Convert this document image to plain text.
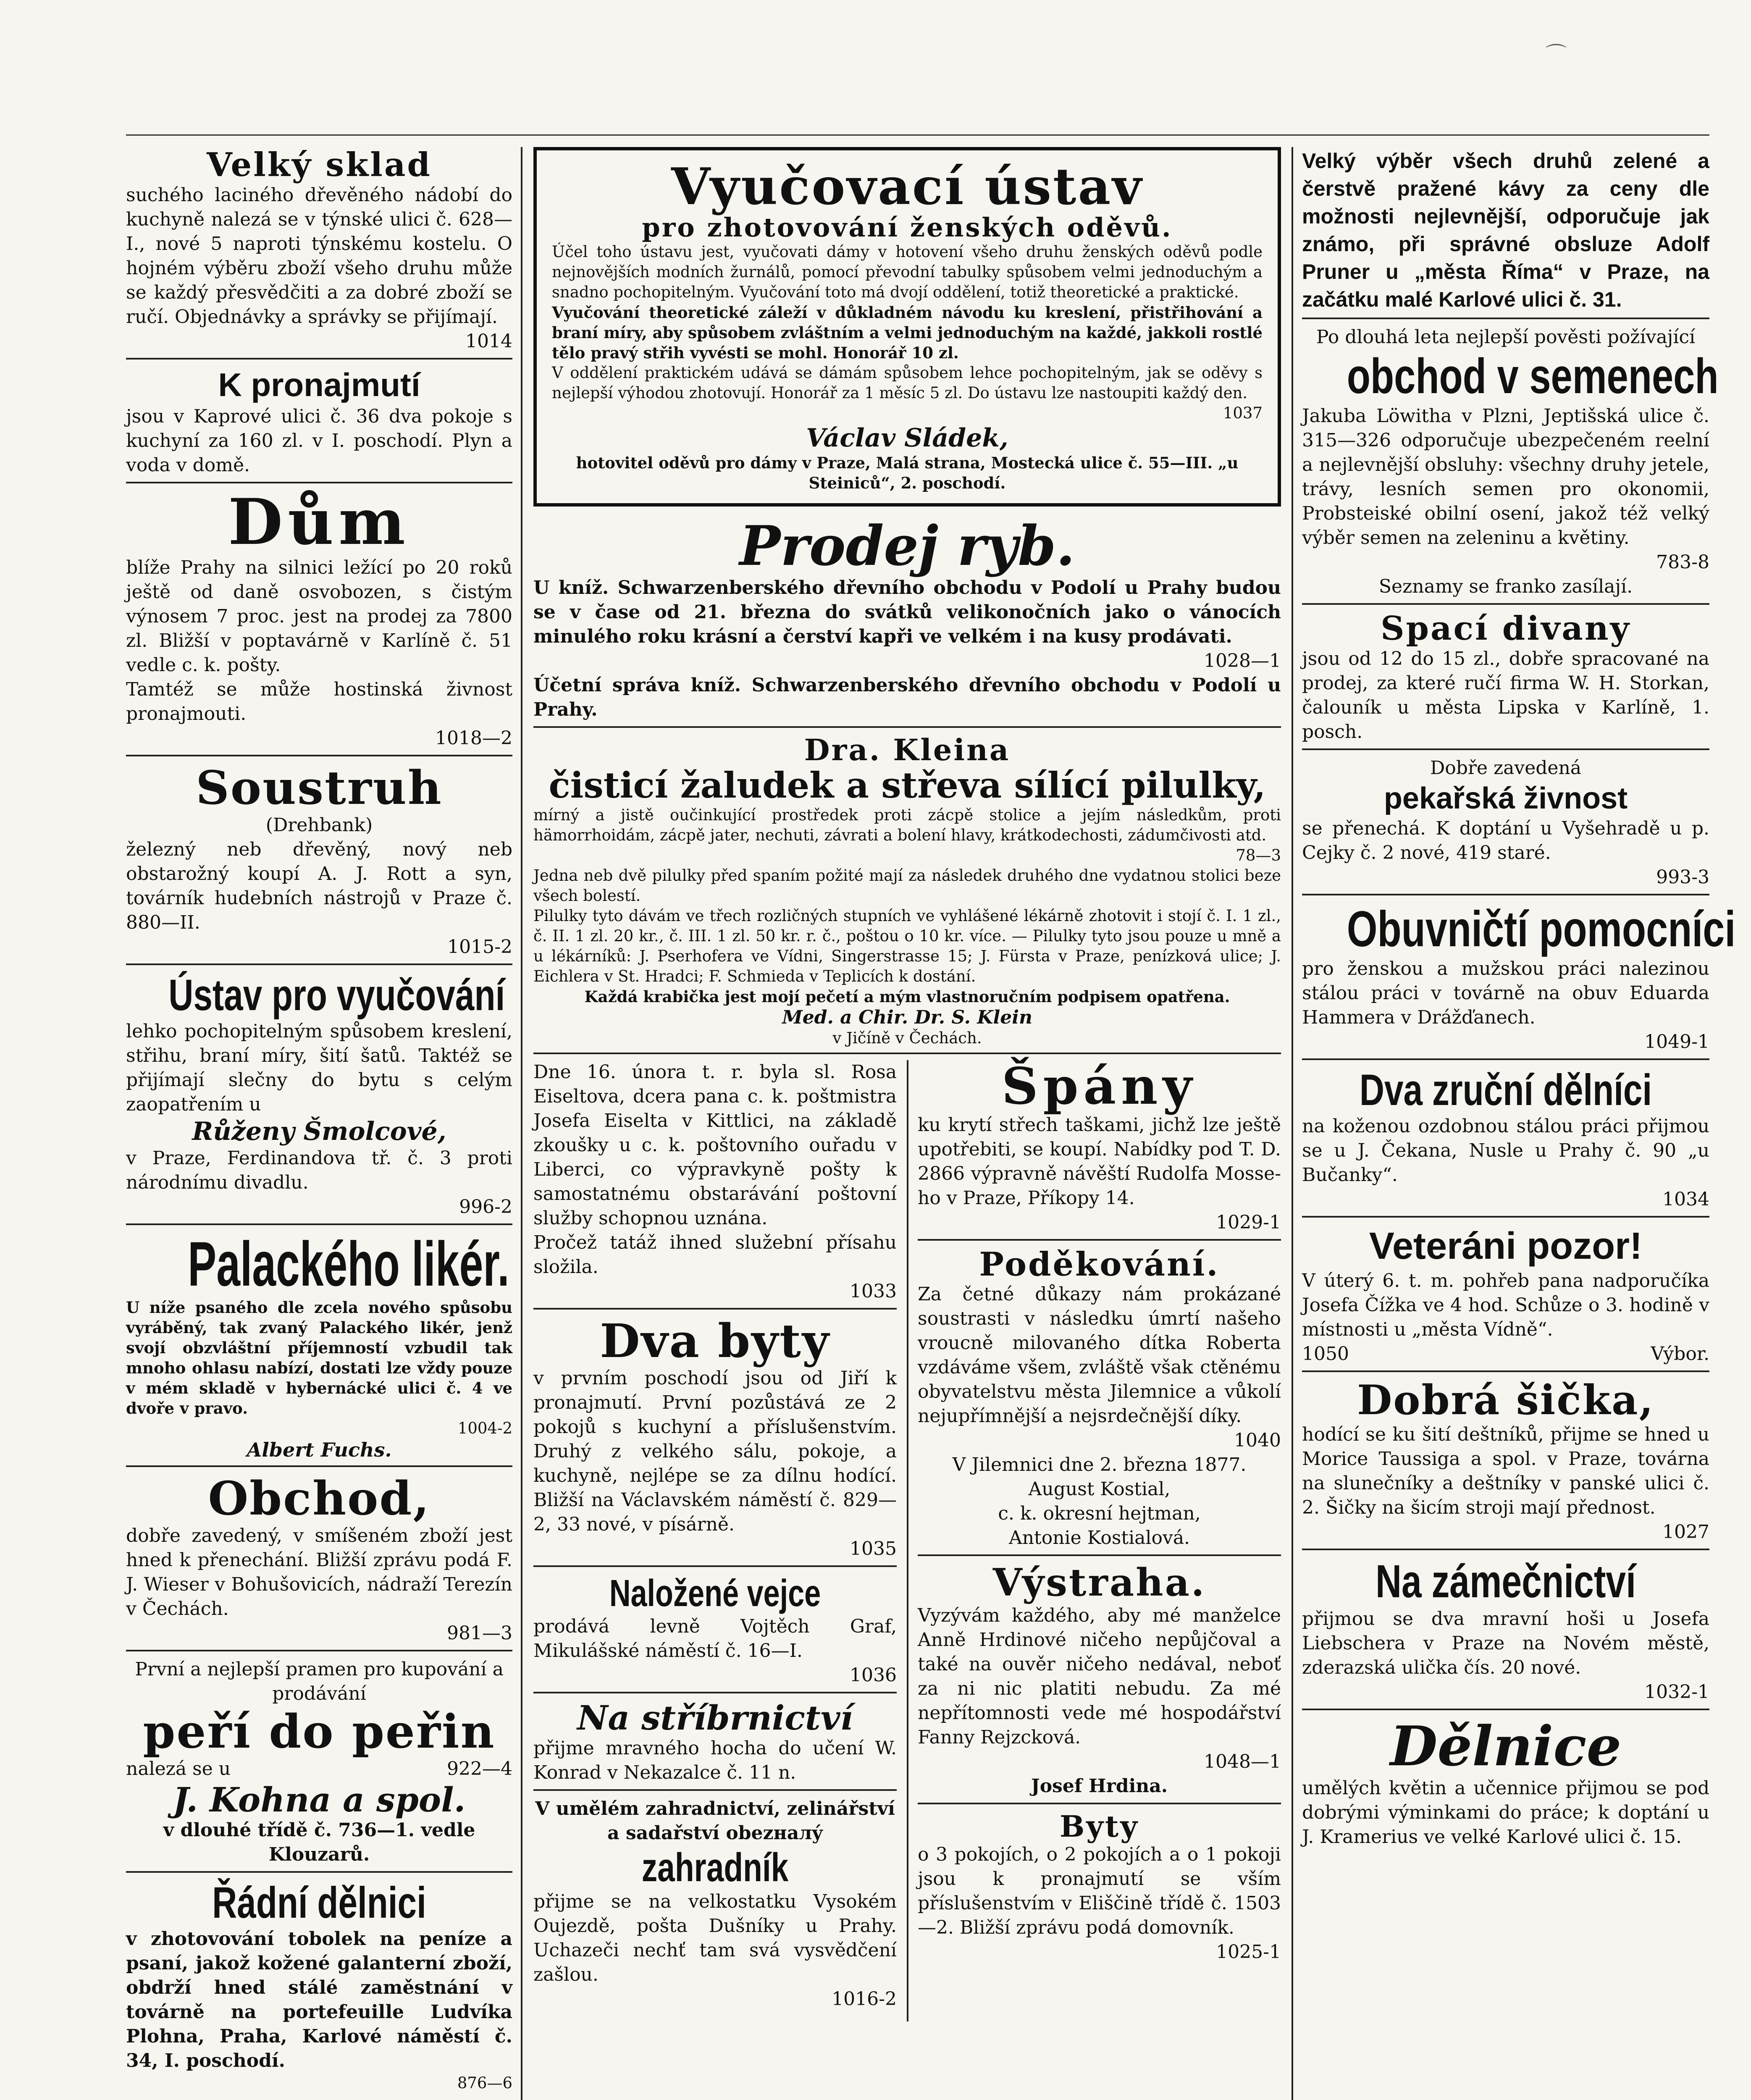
⌒
Velký sklad
suchého laciného dřevěného nádobí do kuchyně nalezá se v týnské ulici č. 628—I., nové 5 naproti týnskému kostelu. O hojném výběru zboží všeho druhu může se každý přesvědčiti a za dobré zboží se ručí. Objednávky a správky se přijímají.
1014
K pronajmutí
jsou v Kaprové ulici č. 36 dva pokoje s kuchyní za 160 zl. v I. poschodí. Plyn a voda v domě.
Dům
blíže Prahy na silnici ležící po 20 roků ještě od daně osvobozen, s čistým výnosem 7 proc. jest na prodej za 7800 zl. Bližší v poptavárně v Karlíně č. 51 vedle c. k. pošty.
Tamtéž se může hostinská živnost pronajmouti.
1018—2
Soustruh
(Drehbank)
železný neb dřevěný, nový neb obstarožný koupí A. J. Rott a syn, továrník hudebních nástrojů v Praze č. 880—II.
1015-2
Ústav pro vyučování
lehko pochopitelným spůsobem kreslení, střihu, braní míry, šití šatů. Taktéž se přijímají slečny do bytu s celým zaopatřením u
Růženy Šmolcové,
v Praze, Ferdinandova tř. č. 3 proti národnímu divadlu.
996-2
Palackého likér.
U níže psaného dle zcela nového spůsobu vyráběný, tak zvaný Palackého likér, jenž svojí obzvláštní příjemností vzbudil tak mnoho ohlasu nabízí, dostati lze vždy pouze v mém skladě v hybernácké ulici č. 4 ve dvoře v pravo.
1004-2
Albert Fuchs.
Obchod,
dobře zavedený, v smíšeném zboží jest hned k přenechání. Bližší zprávu podá F. J. Wieser v Bohušovicích, nádraží Terezín v Čechách.
981—3
První a nejlepší pramen pro kupování a prodávání
peří do peřin
nalezá se u	922—4
J. Kohna a spol.
v dlouhé třídě č. 736—1. vedle Klouzarů.
Řádní dělnici
v zhotovování tobolek na peníze a psaní, jakož kožené galanterní zboží, obdrží hned stálé zaměstnání v továrně na portefeuille Ludvíka Plohna, Praha, Karlové náměstí č. 34, I. poschodí.
876—6
Vyučovací ústav
pro zhotovování ženských oděvů.
Účel toho ústavu jest, vyučovati dámy v hotovení všeho druhu ženských oděvů podle nejnovějších modních žurnálů, pomocí převodní tabulky spůsobem velmi jednoduchým a snadno pochopitelným. Vyučování toto má dvojí oddělení, totiž theoretické a praktické.
Vyučování theoretické záleží v důkladném návodu ku kreslení, přistřihování a braní míry, aby spůsobem zvláštním a velmi jednoduchým na každé, jakkoli rostlé tělo pravý střih vyvésti se mohl. Honorář 10 zl.
V oddělení praktickém udává se dámám spůsobem lehce pochopitelným, jak se oděvy s nejlepší výhodou zhotovují. Honorář za 1 měsíc 5 zl. Do ústavu lze nastoupiti každý den.
1037
Václav Sládek,
hotovitel oděvů pro dámy v Praze, Malá strana, Mostecká ulice č. 55—III. „u Steiniců“, 2. poschodí.
Prodej ryb.
U kníž. Schwarzenberského dřevního obchodu v Podolí u Prahy budou se v čase od 21. března do svátků velikonočních jako o vánocích minulého roku krásní a čerství kapři ve velkém i na kusy prodávati.
1028—1
Účetní správa kníž. Schwarzenberského dřevního obchodu v Podolí u Prahy.
Dra. Kleina
čisticí žaludek a střeva sílící pilulky,
mírný a jistě oučinkující prostředek proti zácpě stolice a jejím následkům, proti hämorrhoidám, zácpě jater, nechuti, závrati a bolení hlavy, krátkodechosti, zádumčivosti atd.
78—3
Jedna neb dvě pilulky před spaním požité mají za následek druhého dne vydatnou stolici beze všech bolestí.
Pilulky tyto dávám ve třech rozličných stupních ve vyhlášené lékárně zhotovit i stojí č. I. 1 zl., č. II. 1 zl. 20 kr., č. III. 1 zl. 50 kr. r. č., poštou o 10 kr. více. — Pilulky tyto jsou pouze u mně a u lékárníků: J. Pserhofera ve Vídni, Singerstrasse 15; J. Fürsta v Praze, penízková ulice; J. Eichlera v St. Hradci; F. Schmieda v Teplicích k dostání.
Každá krabička jest mojí pečetí a mým vlastnoručním podpisem opatřena.
Med. a Chir. Dr. S. Klein
v Jičíně v Čechách.
Dne 16. února t. r. byla sl. Rosa Eiseltova, dcera pana c. k. poštmistra Josefa Eiselta v Kittlici, na základě zkoušky u c. k. poštovního ouřadu v Liberci, co výpravkyně pošty k samostatnému obstarávání poštovní služby schopnou uznána.
Pročež tatáž ihned služební přísahu složila.
1033
Dva byty
v prvním poschodí jsou od Jiří k pronajmutí. První pozůstává ze 2 pokojů s kuchyní a příslušenstvím. Druhý z velkého sálu, pokoje, a kuchyně, nejlépe se za dílnu hodící. Bližší na Václavském náměstí č. 829—2, 33 nové, v písárně.
1035
Naložené vejce
prodává levně Vojtěch Graf, Mikulášské náměstí č. 16—I.
1036
Na stříbrnictví
přijme mravného hocha do učení W. Konrad v Nekazalce č. 11 n.
V umělém zahradnictví, zelinářství a sadařství obezналý
zahradník
přijme se na velkostatku Vysokém Oujezdě, pošta Dušníky u Prahy. Uchazeči nechť tam svá vysvědčení zašlou.
1016-2
Špány
ku krytí střech taškami, jichž lze ještě upotřebiti, se koupí. Nabídky pod T. D. 2866 výpravně návěští Rudolfa Mosse-ho v Praze, Příkopy 14.
1029-1
Poděkování.
Za četné důkazy nám prokázané soustrasti v následku úmrtí našeho vroucně milovaného dítka Roberta vzdáváme všem, zvláště však ctěnému obyvatelstvu města Jilemnice a vůkolí nejupřímnější a nejsrdečnější díky.
1040
V Jilemnici dne 2. března 1877.
August Kostial,
c. k. okresní hejtman,
Antonie Kostialová.
Výstraha.
Vyzývám každého, aby mé manželce Anně Hrdinové ničeho nepůjčoval a také na ouvěr ničeho nedával, neboť za ni nic platiti nebudu. Za mé nepřítomnosti vede mé hospodářství Fanny Rejzcková.
1048—1
Josef Hrdina.
Byty
o 3 pokojích, o 2 pokojích a o 1 pokoji jsou k pronajmutí se vším příslušenstvím v Eliščině třídě č. 1503—2. Bližší zprávu podá domovník.
1025-1
Velký výběr všech druhů zelené a čerstvě pražené kávy za ceny dle možnosti nejlevnější, odporučuje jak známo, při správné obsluze Adolf Pruner u „města Říma“ v Praze, na začátku malé Karlové ulici č. 31.
Po dlouhá leta nejlepší pověsti požívající
obchod v semenech
Jakuba Löwitha v Plzni, Jeptišská ulice č. 315—326 odporučuje ubezpečeném reelní a nejlevnější obsluhy: všechny druhy jetele, trávy, lesních semen pro okonomii, Probsteiské obilní osení, jakož též velký výběr semen na zeleninu a květiny.
783-8
Seznamy se franko zasílají.
Spací divany
jsou od 12 do 15 zl., dobře spracované na prodej, za které ručí firma W. H. Storkan, čalouník u města Lipska v Karlíně, 1. posch.
Dobře zavedená
pekařská živnost
se přenechá. K doptání u Vyšehradě u p. Cejky č. 2 nové, 419 staré.
993-3
Obuvničtí pomocníci
pro ženskou a mužskou práci nalezinou stálou práci v továrně na obuv Eduarda Hammera v Drážďanech.
1049-1
Dva zruční dělníci
na koženou ozdobnou stálou práci přijmou se u J. Čekana, Nusle u Prahy č. 90 „u Bučanky“.
1034
Veteráni pozor!
V úterý 6. t. m. pohřeb pana nadporučíka Josefa Čížka ve 4 hod. Schůze o 3. hodině v místnosti u „města Vídně“.
1050	Výbor.
Dobrá šička,
hodící se ku šití deštníků, přijme se hned u Morice Taussiga a spol. v Praze, továrna na slunečníky a deštníky v panské ulici č. 2. Šičky na šicím stroji mají přednost.
1027
Na zámečnictví
přijmou se dva mravní hoši u Josefa Liebschera v Praze na Novém městě, zderazská ulička čís. 20 nové.
1032-1
Dělnice
umělých květin a učennice přijmou se pod dobrými výminkami do práce; k doptání u J. Kramerius ve velké Karlové ulici č. 15.
